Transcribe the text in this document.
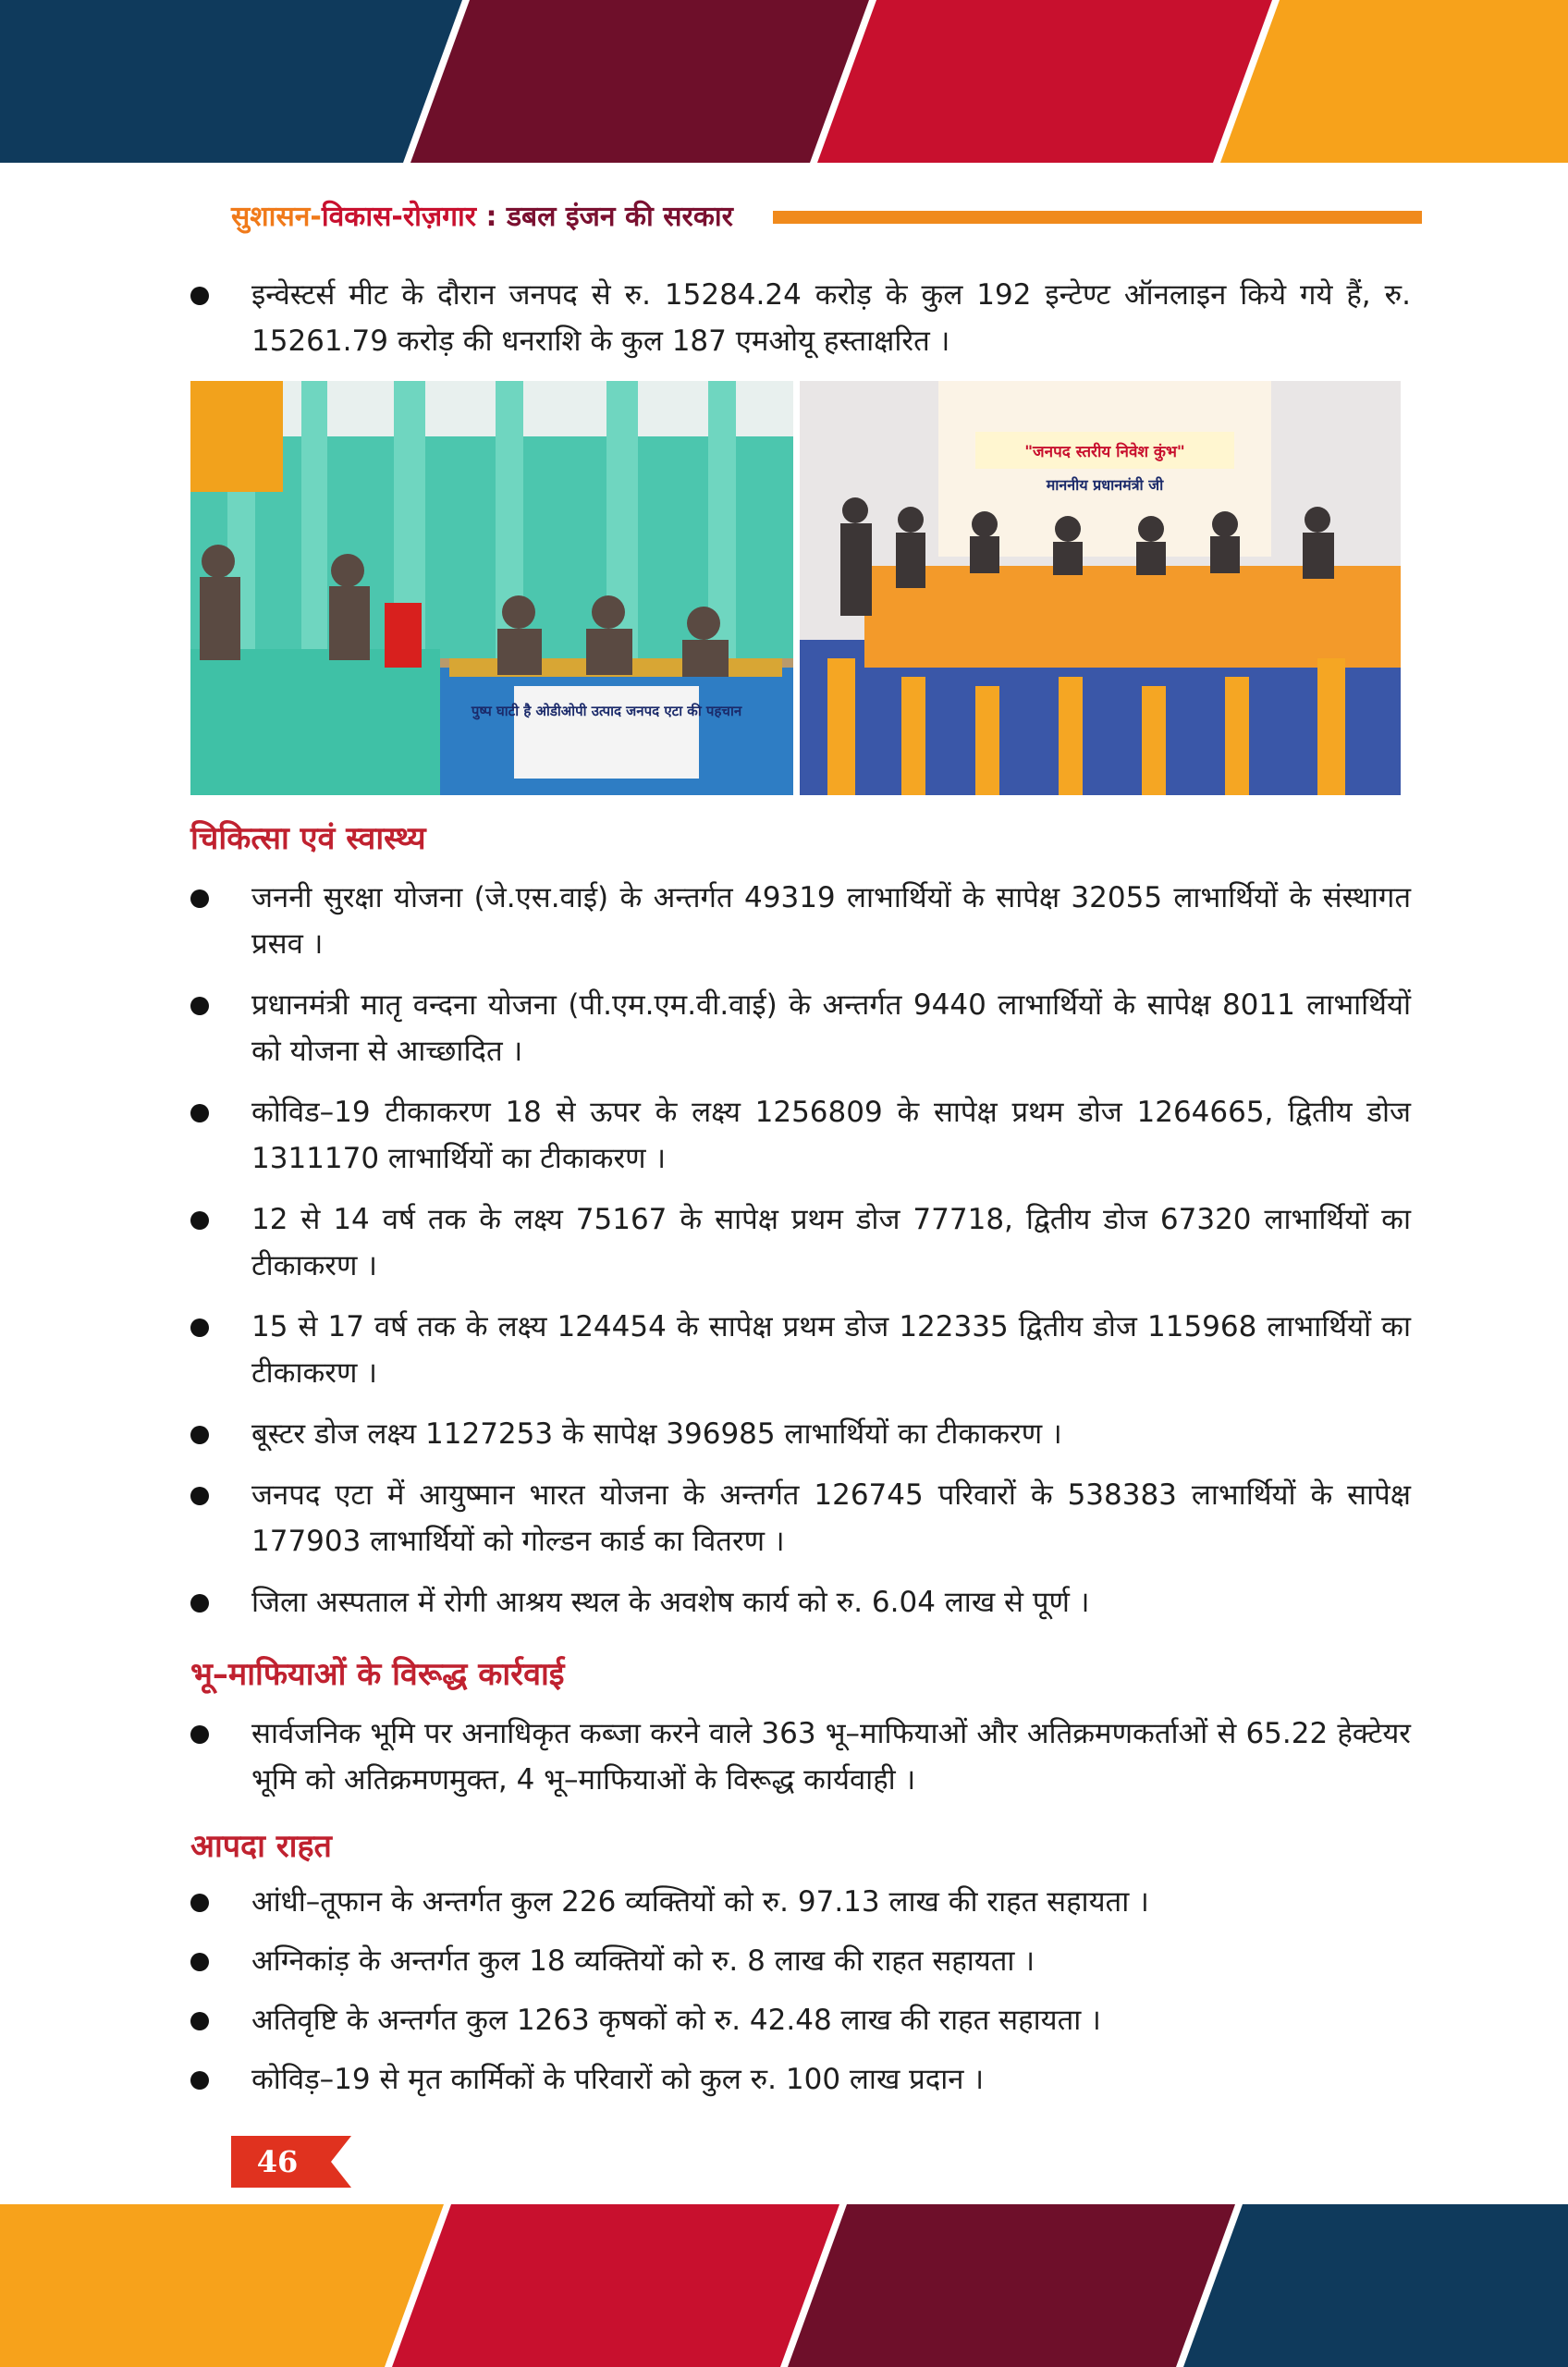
सुशासन-विकास-रोज़गार : डबल इंजन की सरकार
इन्वेस्टर्स मीट के दौरान जनपद से रु. 15284.24 करोड़ के कुल 192 इन्टेण्ट ऑनलाइन किये गये हैं, रु. 15261.79 करोड़ की धनराशि के कुल 187 एमओयू हस्ताक्षरित ।
पुष्प घाटी है ओडीओपी उत्पाद जनपद एटा की पहचान
"जनपद स्तरीय निवेश कुंभ"
माननीय प्रधानमंत्री जी
चिकित्सा एवं स्वास्थ्य
जननी सुरक्षा योजना (जे.एस.वाई) के अन्तर्गत 49319 लाभार्थियों के सापेक्ष 32055 लाभार्थियों के संस्थागत प्रसव ।
प्रधानमंत्री मातृ वन्दना योजना (पी.एम.एम.वी.वाई) के अन्तर्गत 9440 लाभार्थियों के सापेक्ष 8011 लाभार्थियों को योजना से आच्छादित ।
कोविड–19 टीकाकरण 18 से ऊपर के लक्ष्य 1256809 के सापेक्ष प्रथम डोज 1264665, द्वितीय डोज 1311170 लाभार्थियों का टीकाकरण ।
12 से 14 वर्ष तक के लक्ष्य 75167 के सापेक्ष प्रथम डोज 77718, द्वितीय डोज 67320 लाभार्थियों का टीकाकरण ।
15 से 17 वर्ष तक के लक्ष्य 124454 के सापेक्ष प्रथम डोज 122335 द्वितीय डोज 115968 लाभार्थियों का टीकाकरण ।
बूस्टर डोज लक्ष्य 1127253 के सापेक्ष 396985 लाभार्थियों का टीकाकरण ।
जनपद एटा में आयुष्मान भारत योजना के अन्तर्गत 126745 परिवारों के 538383 लाभार्थियों के सापेक्ष 177903 लाभार्थियों को गोल्डन कार्ड का वितरण ।
जिला अस्पताल में रोगी आश्रय स्थल के अवशेष कार्य को रु. 6.04 लाख से पूर्ण ।
भू–माफियाओं के विरूद्ध कार्रवाई
सार्वजनिक भूमि पर अनाधिकृत कब्जा करने वाले 363 भू–माफियाओं और अतिक्रमणकर्ताओं से 65.22 हेक्टेयर भूमि को अतिक्रमणमुक्त, 4 भू–माफियाओं के विरूद्ध कार्यवाही ।
आपदा राहत
आंधी–तूफान के अन्तर्गत कुल 226 व्यक्तियों को रु. 97.13 लाख की राहत सहायता ।
अग्निकांड़ के अन्तर्गत कुल 18 व्यक्तियों को रु. 8 लाख की राहत सहायता ।
अतिवृष्टि के अन्तर्गत कुल 1263 कृषकों को रु. 42.48 लाख की राहत सहायता ।
कोविड़–19 से मृत कार्मिकों के परिवारों को कुल रु. 100 लाख प्रदान ।
46
